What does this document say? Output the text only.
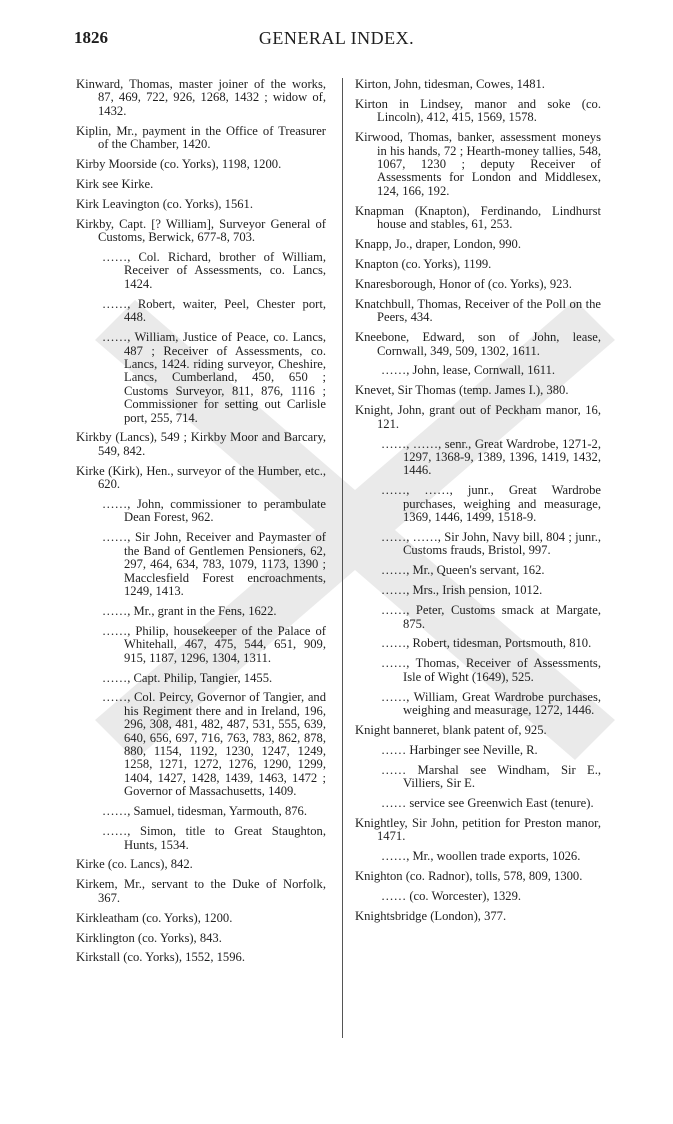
1826	GENERAL INDEX.

Kinward, Thomas, master joiner of the works, 87, 469, 722, 926, 1268, 1432 ; widow of, 1432.

Kiplin, Mr., payment in the Office of Treasurer of the Chamber, 1420.

Kirby Moorside (co. Yorks), 1198, 1200.

Kirk see Kirke.

Kirk Leavington (co. Yorks), 1561.

Kirkby, Capt. [? William], Surveyor General of Customs, Berwick, 677-8, 703.

……, Col. Richard, brother of William, Receiver of Assessments, co. Lancs, 1424.

……, Robert, waiter, Peel, Chester port, 448.

……, William, Justice of Peace, co. Lancs, 487 ; Receiver of Assessments, co. Lancs, 1424. riding surveyor, Cheshire, Lancs, Cumberland, 450, 650 ; Customs Surveyor, 811, 876, 1116 ; Commissioner for setting out Carlisle port, 255, 714.

Kirkby (Lancs), 549 ; Kirkby Moor and Barcary, 549, 842.

Kirke (Kirk), Hen., surveyor of the Humber, etc., 620.

……, John, commissioner to perambulate Dean Forest, 962.

……, Sir John, Receiver and Paymaster of the Band of Gentlemen Pensioners, 62, 297, 464, 634, 783, 1079, 1173, 1390 ; Macclesfield Forest encroachments, 1249, 1413.

……, Mr., grant in the Fens, 1622.

……, Philip, housekeeper of the Palace of Whitehall, 467, 475, 544, 651, 909, 915, 1187, 1296, 1304, 1311.

……, Capt. Philip, Tangier, 1455.

……, Col. Peircy, Governor of Tangier, and his Regiment there and in Ireland, 196, 296, 308, 481, 482, 487, 531, 555, 639, 640, 656, 697, 716, 763, 783, 862, 878, 880, 1154, 1192, 1230, 1247, 1249, 1258, 1271, 1272, 1276, 1290, 1299, 1404, 1427, 1428, 1439, 1463, 1472 ; Governor of Massachusetts, 1409.

……, Samuel, tidesman, Yarmouth, 876.

……, Simon, title to Great Staughton, Hunts, 1534.

Kirke (co. Lancs), 842.

Kirkem, Mr., servant to the Duke of Norfolk, 367.

Kirkleatham (co. Yorks), 1200.

Kirklington (co. Yorks), 843.

Kirkstall (co. Yorks), 1552, 1596.

Kirton, John, tidesman, Cowes, 1481.

Kirton in Lindsey, manor and soke (co. Lincoln), 412, 415, 1569, 1578.

Kirwood, Thomas, banker, assessment moneys in his hands, 72 ; Hearth-money tallies, 548, 1067, 1230 ; deputy Receiver of Assessments for London and Middlesex, 124, 166, 192.

Knapman (Knapton), Ferdinando, Lindhurst house and stables, 61, 253.

Knapp, Jo., draper, London, 990.

Knapton (co. Yorks), 1199.

Knaresborough, Honor of (co. Yorks), 923.

Knatchbull, Thomas, Receiver of the Poll on the Peers, 434.

Kneebone, Edward, son of John, lease, Cornwall, 349, 509, 1302, 1611.

……, John, lease, Cornwall, 1611.

Knevet, Sir Thomas (temp. James I.), 380.

Knight, John, grant out of Peckham manor, 16, 121.

……, ……, senr., Great Wardrobe, 1271-2, 1297, 1368-9, 1389, 1396, 1419, 1432, 1446.

……, ……, junr., Great Wardrobe purchases, weighing and measurage, 1369, 1446, 1499, 1518-9.

……, ……, Sir John, Navy bill, 804 ; junr., Customs frauds, Bristol, 997.

……, Mr., Queen's servant, 162.

……, Mrs., Irish pension, 1012.

……, Peter, Customs smack at Margate, 875.

……, Robert, tidesman, Portsmouth, 810.

……, Thomas, Receiver of Assessments, Isle of Wight (1649), 525.

……, William, Great Wardrobe purchases, weighing and measurage, 1272, 1446.

Knight banneret, blank patent of, 925.

…… Harbinger see Neville, R.

…… Marshal see Windham, Sir E., Villiers, Sir E.

…… service see Greenwich East (tenure).

Knightley, Sir John, petition for Preston manor, 1471.

……, Mr., woollen trade exports, 1026.

Knighton (co. Radnor), tolls, 578, 809, 1300.

…… (co. Worcester), 1329.

Knightsbridge (London), 377.
